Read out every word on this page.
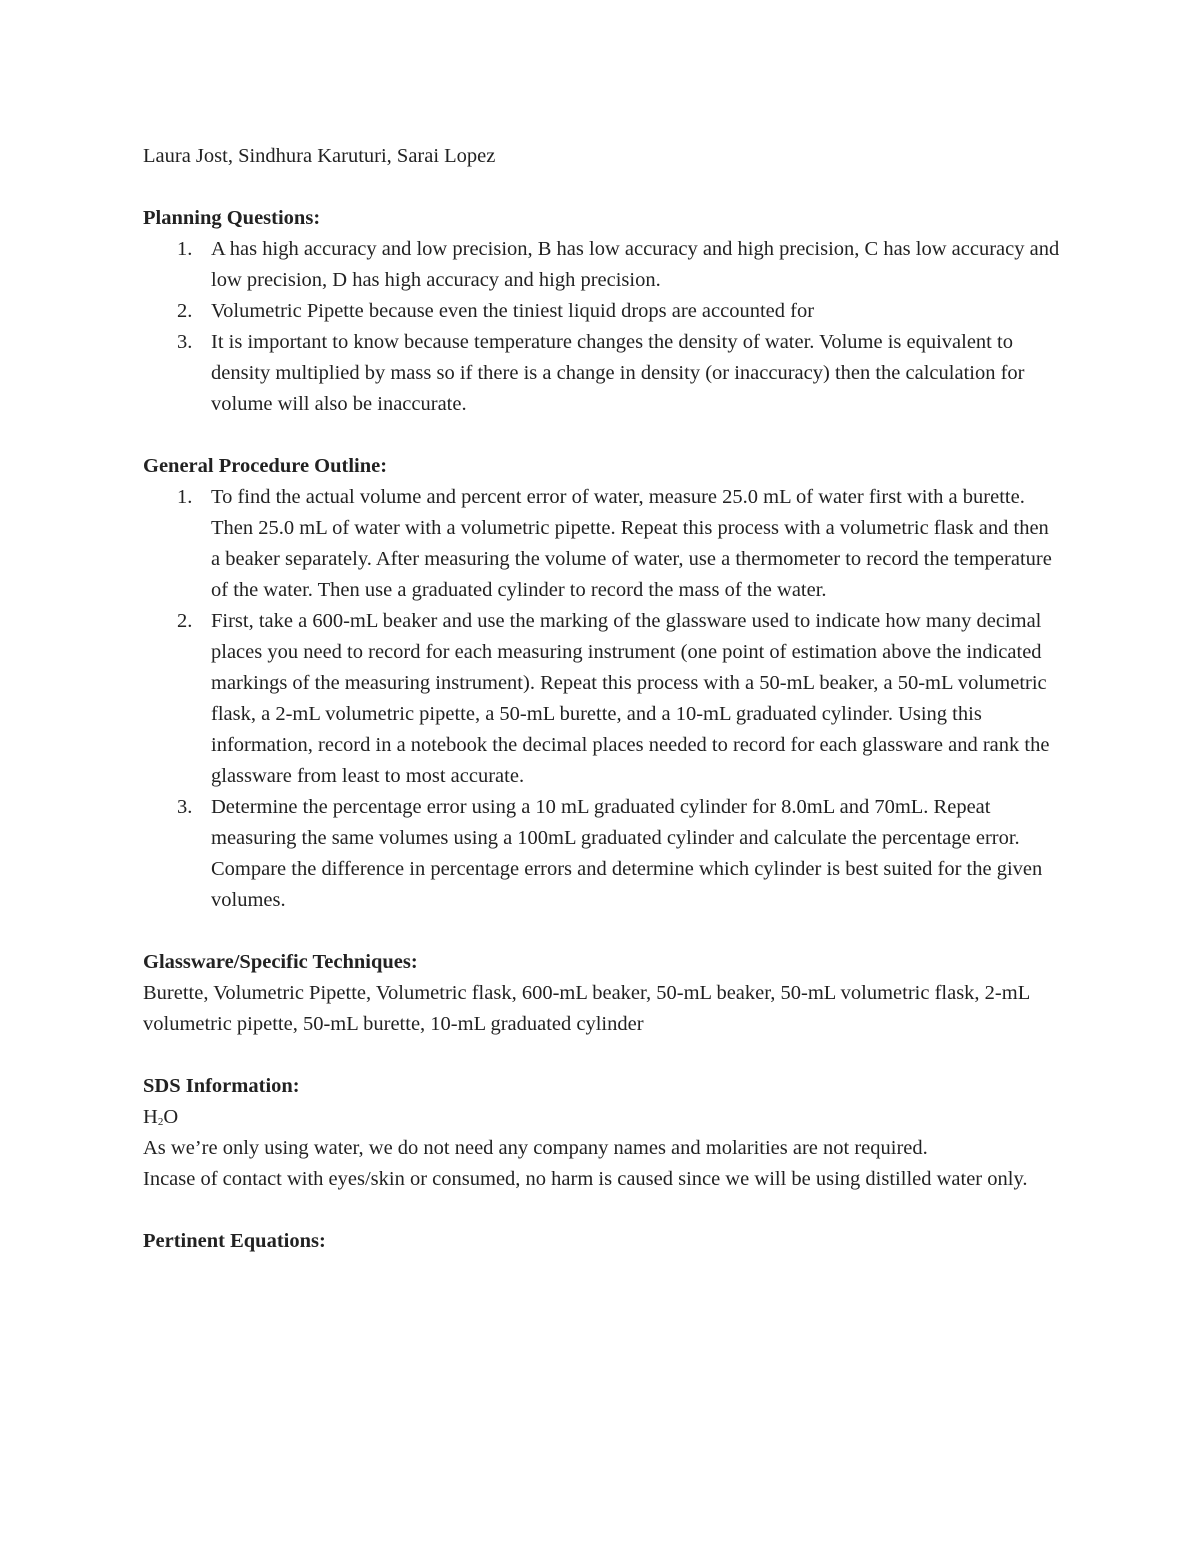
Laura Jost, Sindhura Karuturi, Sarai Lopez

Planning Questions:

1. A has high accuracy and low precision, B has low accuracy and high precision, C has low accuracy and low precision, D has high accuracy and high precision.
2. Volumetric Pipette because even the tiniest liquid drops are accounted for
3. It is important to know because temperature changes the density of water. Volume is equivalent to density multiplied by mass so if there is a change in density (or inaccuracy) then the calculation for volume will also be inaccurate.

General Procedure Outline:

1. To find the actual volume and percent error of water, measure 25.0 mL of water first with a burette. Then 25.0 mL of water with a volumetric pipette. Repeat this process with a volumetric flask and then a beaker separately. After measuring the volume of water, use a thermometer to record the temperature of the water. Then use a graduated cylinder to record the mass of the water.
2. First, take a 600-mL beaker and use the marking of the glassware used to indicate how many decimal places you need to record for each measuring instrument (one point of estimation above the indicated markings of the measuring instrument). Repeat this process with a 50-mL beaker, a 50-mL volumetric flask, a 2-mL volumetric pipette, a 50-mL burette, and a 10-mL graduated cylinder. Using this information, record in a notebook the decimal places needed to record for each glassware and rank the glassware from least to most accurate.
3. Determine the percentage error using a 10 mL graduated cylinder for 8.0mL and 70mL. Repeat measuring the same volumes using a 100mL graduated cylinder and calculate the percentage error.
Compare the difference in percentage errors and determine which cylinder is best suited for the given volumes.

Glassware/Specific Techniques:

Burette, Volumetric Pipette, Volumetric flask, 600-mL beaker, 50-mL beaker, 50-mL volumetric flask, 2-mL volumetric pipette, 50-mL burette, 10-mL graduated cylinder

SDS Information:

$H_2O$

As we’re only using water, we do not need any company names and molarities are not required.

Incase of contact with eyes/skin or consumed, no harm is caused since we will be using distilled water only.

Pertinent Equations:
